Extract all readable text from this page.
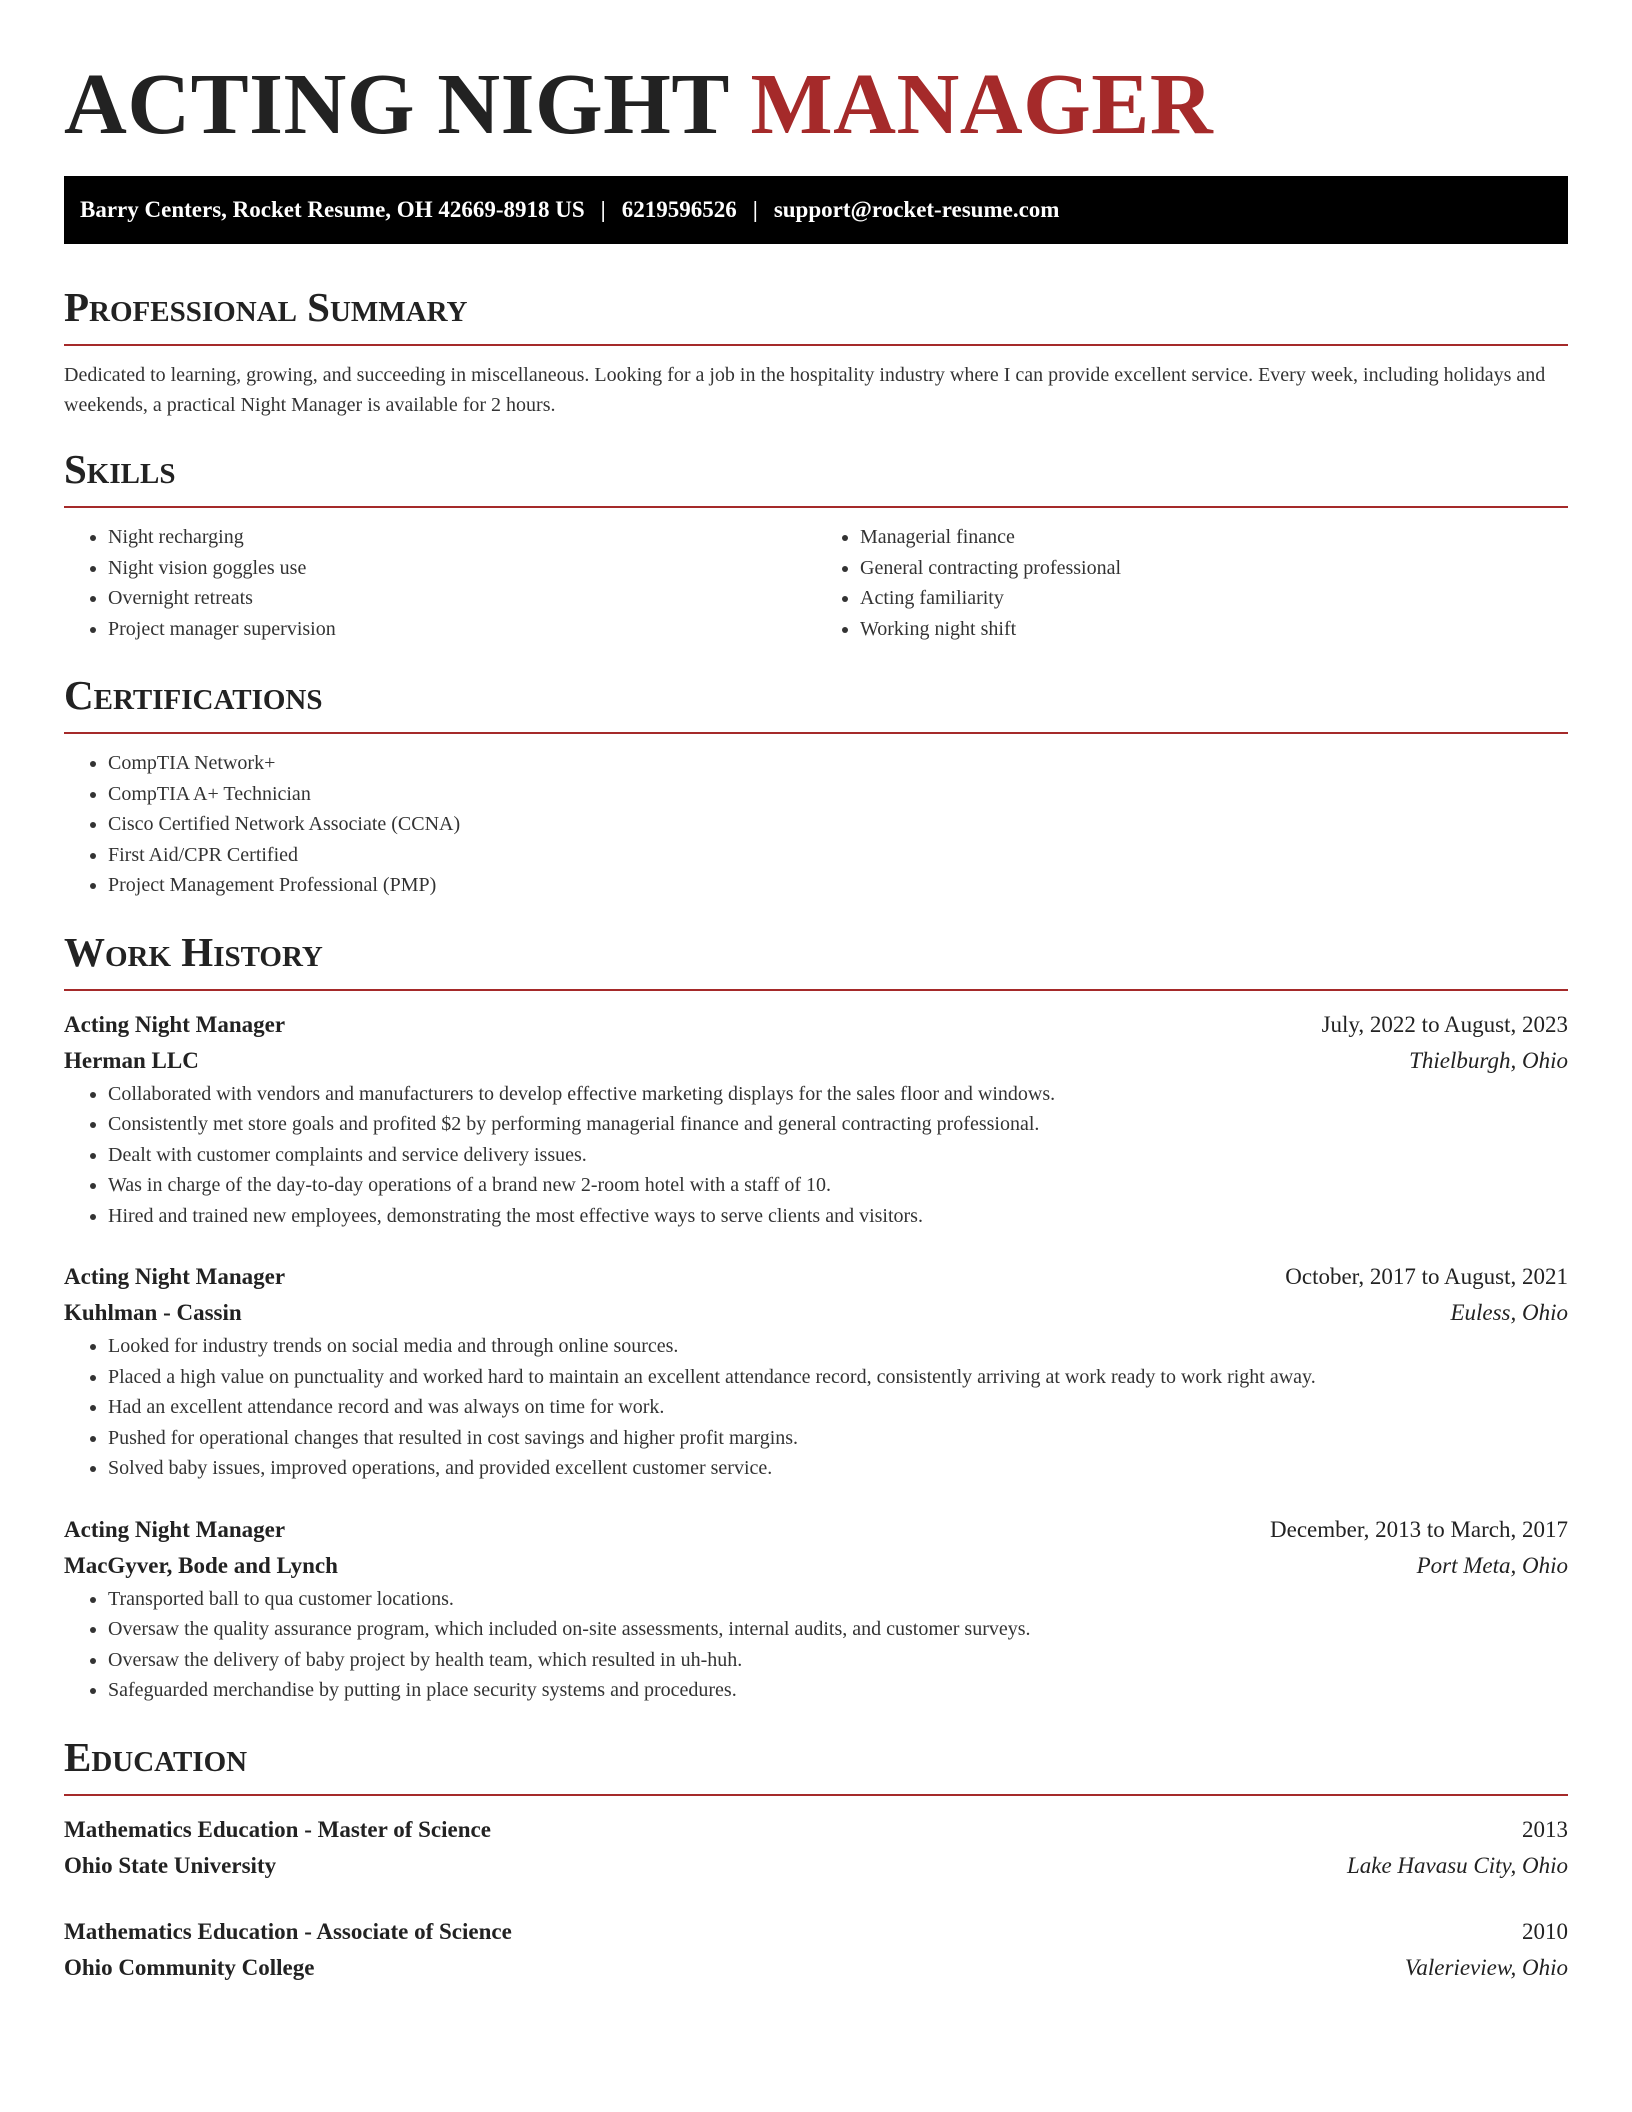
ACTING NIGHT MANAGER
Barry Centers, Rocket Resume, OH 42669-8918 US | 6219596526 | support@rocket-resume.com
Professional Summary

Dedicated to learning, growing, and succeeding in miscellaneous. Looking for a job in the hospitality industry where I can provide excellent service. Every week, including holidays and weekends, a practical Night Manager is available for 2 hours.

Skills
• Night recharging
• Night vision goggles use
• Overnight retreats
• Project manager supervision
• Managerial finance
• General contracting professional
• Acting familiarity
• Working night shift
Certifications
• CompTIA Network+
• CompTIA A+ Technician
• Cisco Certified Network Associate (CCNA)
• First Aid/CPR Certified
• Project Management Professional (PMP)
Work History
Acting Night Manager	July, 2022 to August, 2023
Herman LLC	Thielburgh, Ohio
• Collaborated with vendors and manufacturers to develop effective marketing displays for the sales floor and windows.
• Consistently met store goals and profited $2 by performing managerial finance and general contracting professional.
• Dealt with customer complaints and service delivery issues.
• Was in charge of the day-to-day operations of a brand new 2-room hotel with a staff of 10.
• Hired and trained new employees, demonstrating the most effective ways to serve clients and visitors.
Acting Night Manager	October, 2017 to August, 2021
Kuhlman - Cassin	Euless, Ohio
• Looked for industry trends on social media and through online sources.
• Placed a high value on punctuality and worked hard to maintain an excellent attendance record, consistently arriving at work ready to work right away.
• Had an excellent attendance record and was always on time for work.
• Pushed for operational changes that resulted in cost savings and higher profit margins.
• Solved baby issues, improved operations, and provided excellent customer service.
Acting Night Manager	December, 2013 to March, 2017
MacGyver, Bode and Lynch	Port Meta, Ohio
• Transported ball to qua customer locations.
• Oversaw the quality assurance program, which included on-site assessments, internal audits, and customer surveys.
• Oversaw the delivery of baby project by health team, which resulted in uh-huh.
• Safeguarded merchandise by putting in place security systems and procedures.
Education
Mathematics Education - Master of Science	2013
Ohio State University	Lake Havasu City, Ohio
Mathematics Education - Associate of Science	2010
Ohio Community College	Valerieview, Ohio
